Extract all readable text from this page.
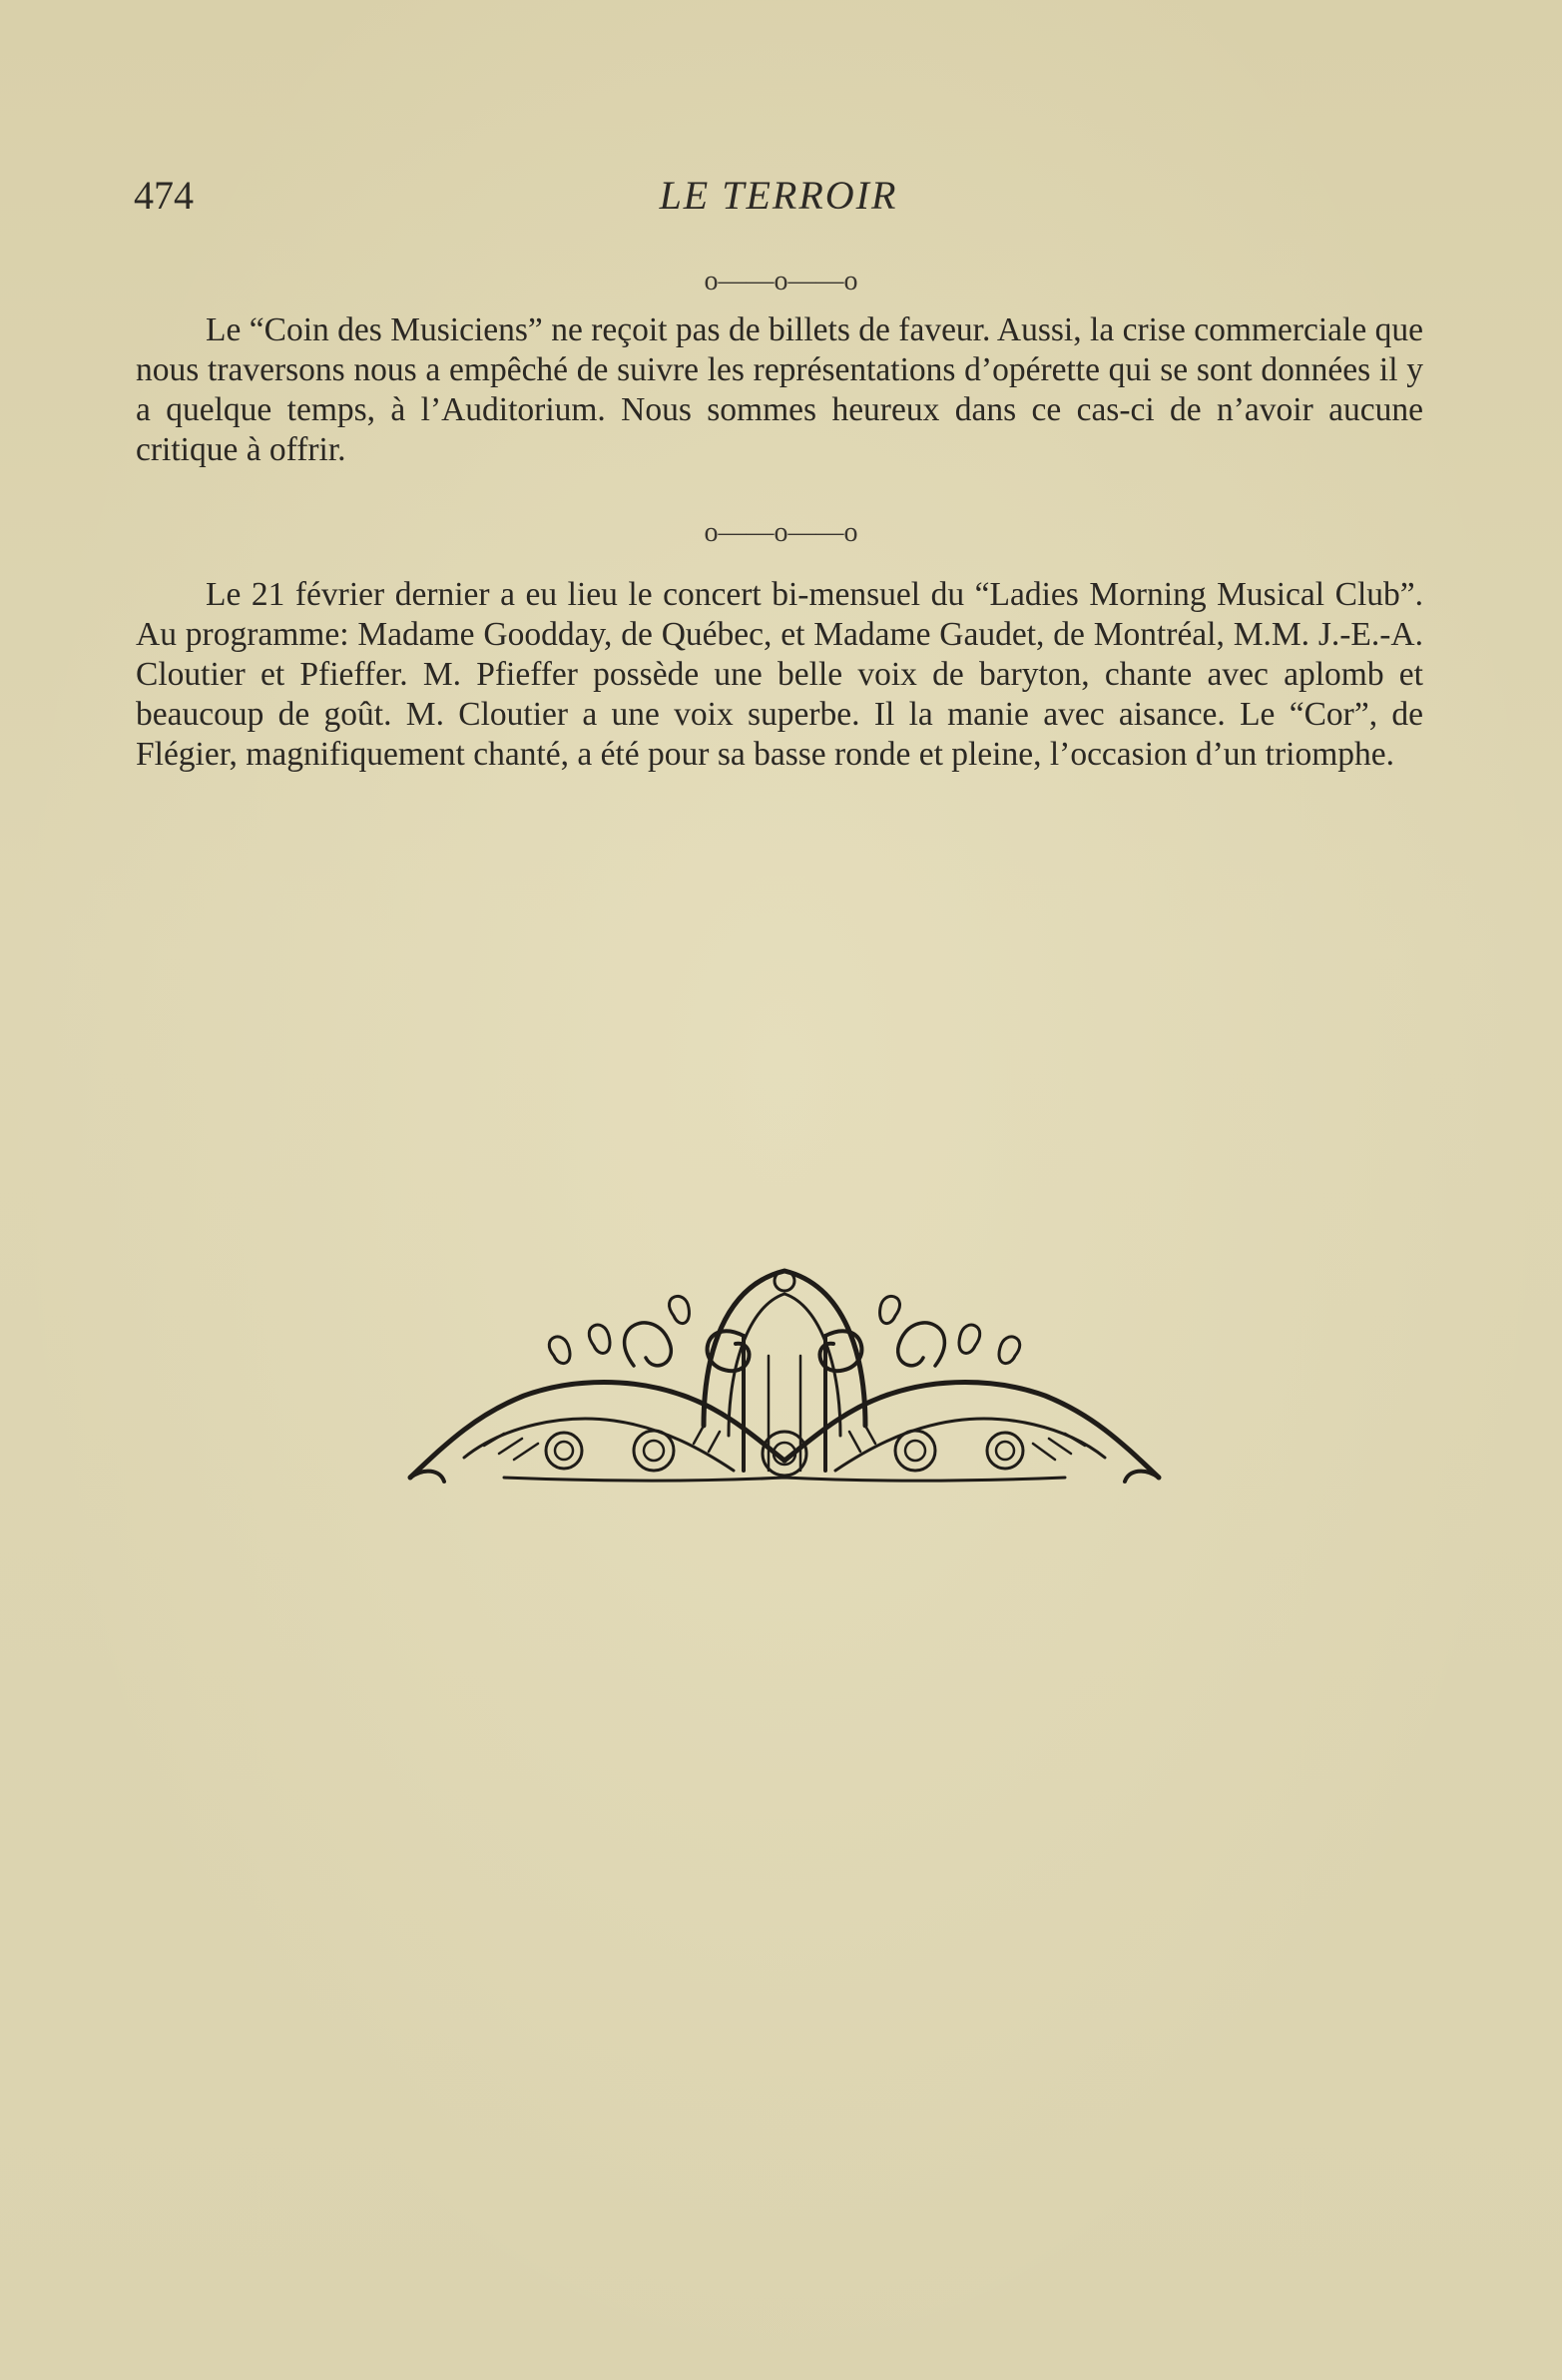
474	LE TERROIR
o——o——o

Le “Coin des Musiciens” ne reçoit pas de billets de faveur. Aussi, la crise commerciale que nous traversons nous a empêché de suivre les représentations d’opérette qui se sont données il y a quelque temps, à l’Auditorium. Nous sommes heureux dans ce cas-ci de n’avoir aucune critique à offrir.

o——o——o

Le 21 février dernier a eu lieu le concert bi-mensuel du “Ladies Morning Musical Club”. Au programme: Madame Goodday, de Québec, et Madame Gaudet, de Montréal, M.M. J.-E.-A. Cloutier et Pfieffer. M. Pfieffer possède une belle voix de baryton, chante avec aplomb et beaucoup de goût. M. Cloutier a une voix superbe. Il la manie avec aisance. Le “Cor”, de Flégier, magnifiquement chanté, a été pour sa basse ronde et pleine, l’occasion d’un triomphe.
